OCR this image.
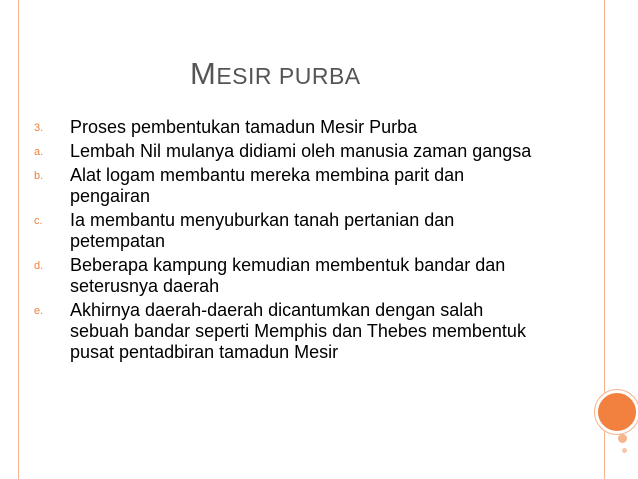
MESIR PURBA
3. Proses pembentukan tamadun Mesir Purba
a. Lembah Nil mulanya didiami oleh manusia zaman gangsa
b. Alat logam membantu mereka membina parit dan pengairan
c. Ia membantu menyuburkan tanah pertanian dan petempatan
d. Beberapa kampung kemudian membentuk bandar dan seterusnya daerah
e. Akhirnya daerah-daerah dicantumkan dengan salah sebuah bandar seperti Memphis dan Thebes membentuk pusat pentadbiran tamadun Mesir
